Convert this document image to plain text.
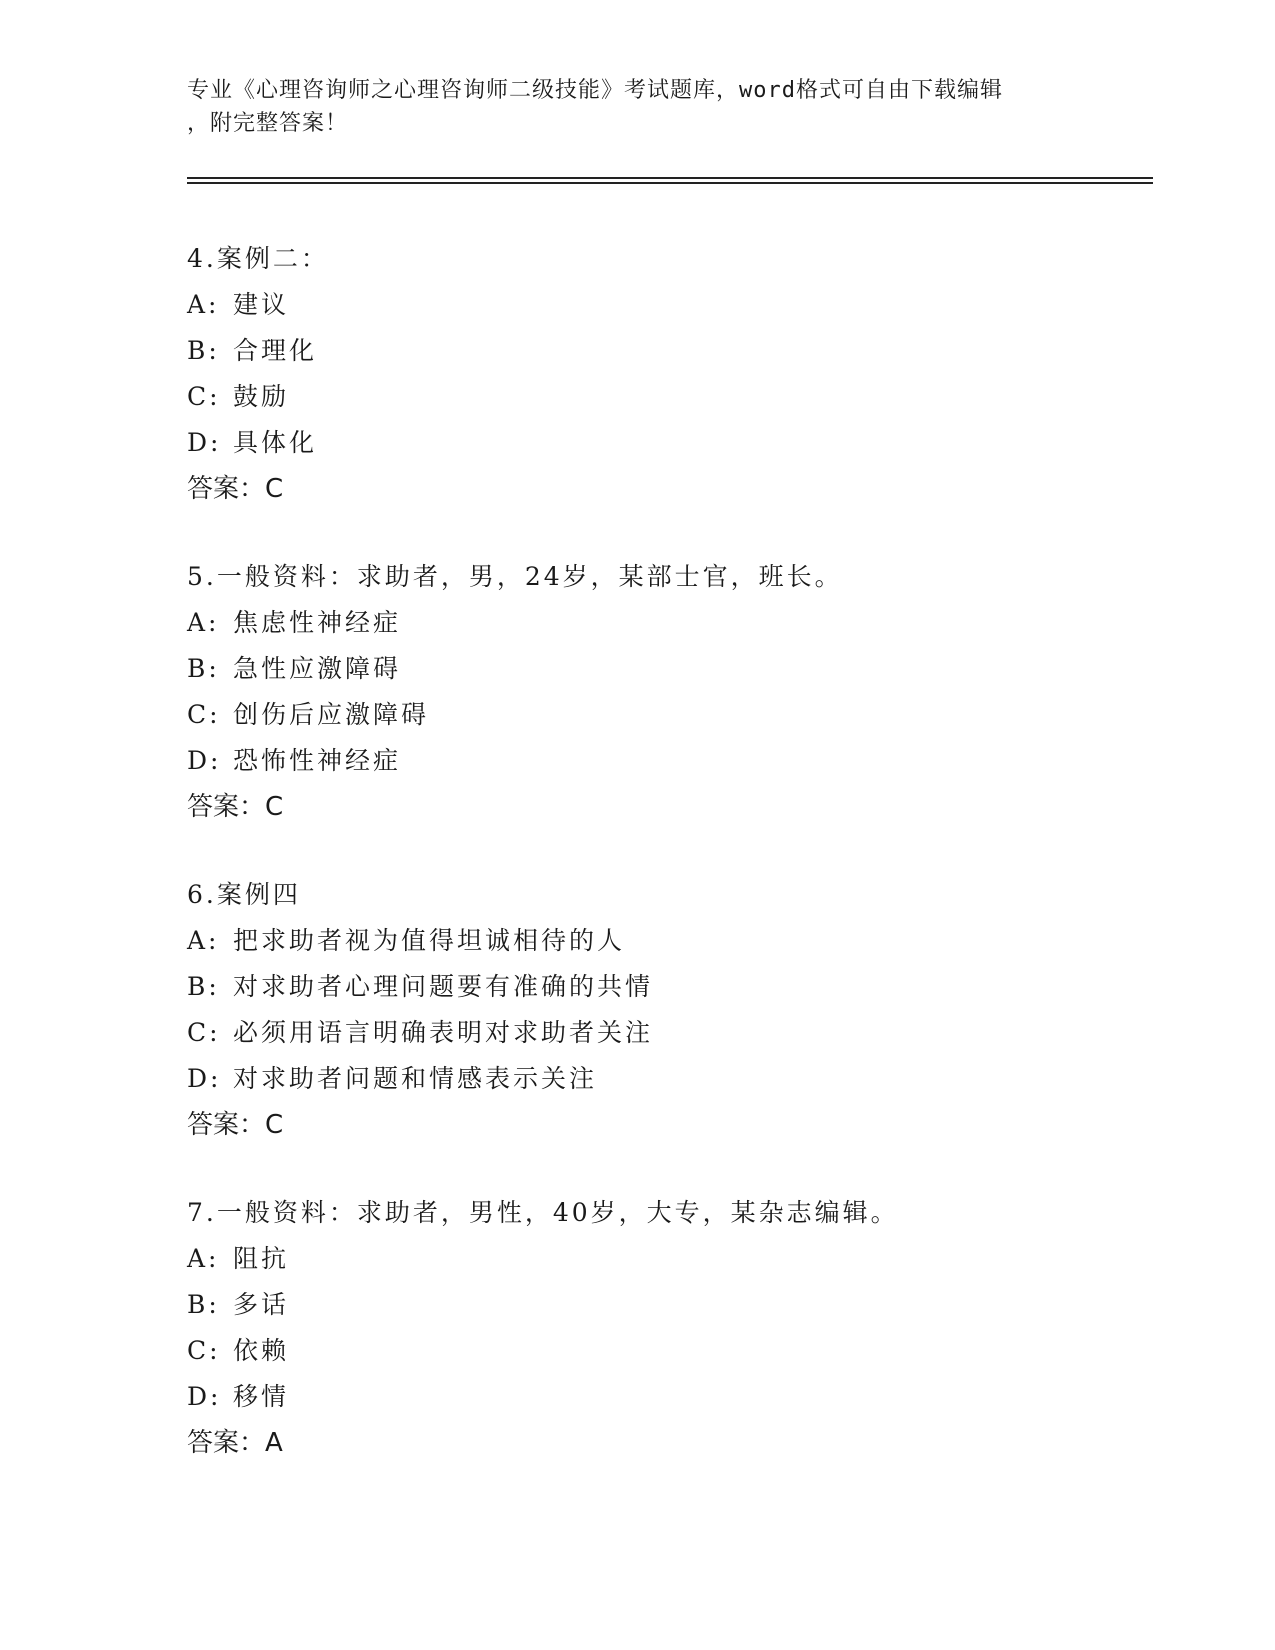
专业《心理咨询师之心理咨询师二级技能》考试题库，word格式可自由下载编辑
，附完整答案！
4.案例二：
A: 建议
B: 合理化
C: 鼓励
D: 具体化
答案：C
5.一般资料：求助者，男，24岁，某部士官，班长。
A: 焦虑性神经症
B: 急性应激障碍
C: 创伤后应激障碍
D: 恐怖性神经症
答案：C
6.案例四
A: 把求助者视为值得坦诚相待的人
B: 对求助者心理问题要有准确的共情
C: 必须用语言明确表明对求助者关注
D: 对求助者问题和情感表示关注
答案：C
7.一般资料：求助者，男性，40岁，大专，某杂志编辑。
A: 阻抗
B: 多话
C: 依赖
D: 移情
答案：A
